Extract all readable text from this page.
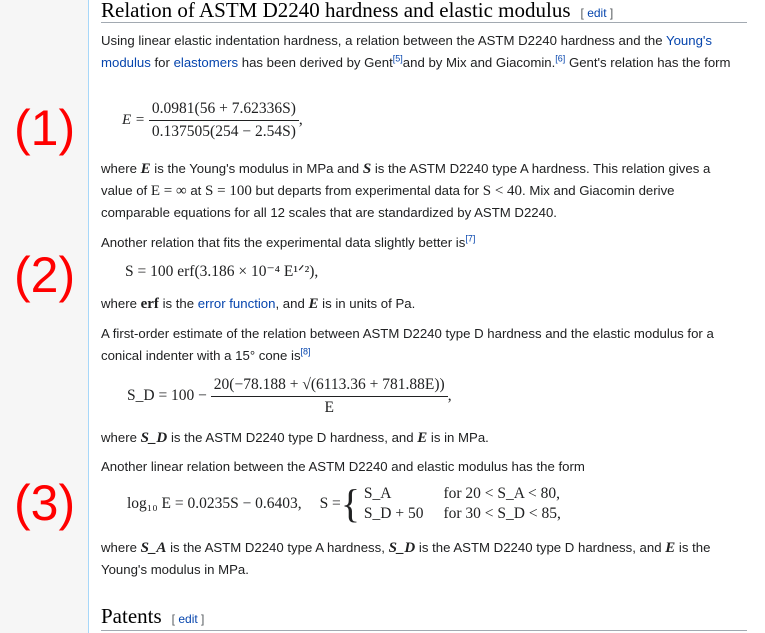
Relation of ASTM D2240 hardness and elastic modulus [ edit ]
Using linear elastic indentation hardness, a relation between the ASTM D2240 hardness and the Young's modulus for elastomers has been derived by Gent[5]and by Mix and Giacomin.[6] Gent's relation has the form
(1)	$E = \frac{0.0981(56 + 7.62336S)}{0.137505(254 - 2.54S)}$ ,
where E is the Young's modulus in MPa and S is the ASTM D2240 type A hardness. This relation gives a value of E = ∞ at S = 100 but departs from experimental data for S < 40. Mix and Giacomin derive comparable equations for all 12 scales that are standardized by ASTM D2240.
Another relation that fits the experimental data slightly better is[7]
(2)	S = 100 erf(3.186 × 10⁻⁴ E¹ᐟ²),
where erf is the error function, and E is in units of Pa.
A first-order estimate of the relation between ASTM D2240 type D hardness and the elastic modulus for a conical indenter with a 15° cone is[8]
S_D = $100 - \frac{20(-78.188 + √(6113.36 + 781.88E))}{E}$ ,
where S_D is the ASTM D2240 type D hardness, and E is in MPa.
Another linear relation between the ASTM D2240 and elastic modulus has the form
(3)	log₁₀ E = 0.0235S − 0.6403, S ={ S_A	for 20 < S_A < 80,
S_D + 50	for 30 < S_D < 85,
where S_A is the ASTM D2240 type A hardness, S_D is the ASTM D2240 type D hardness, and E is the Young's modulus in MPa.
Patents [ edit ]
